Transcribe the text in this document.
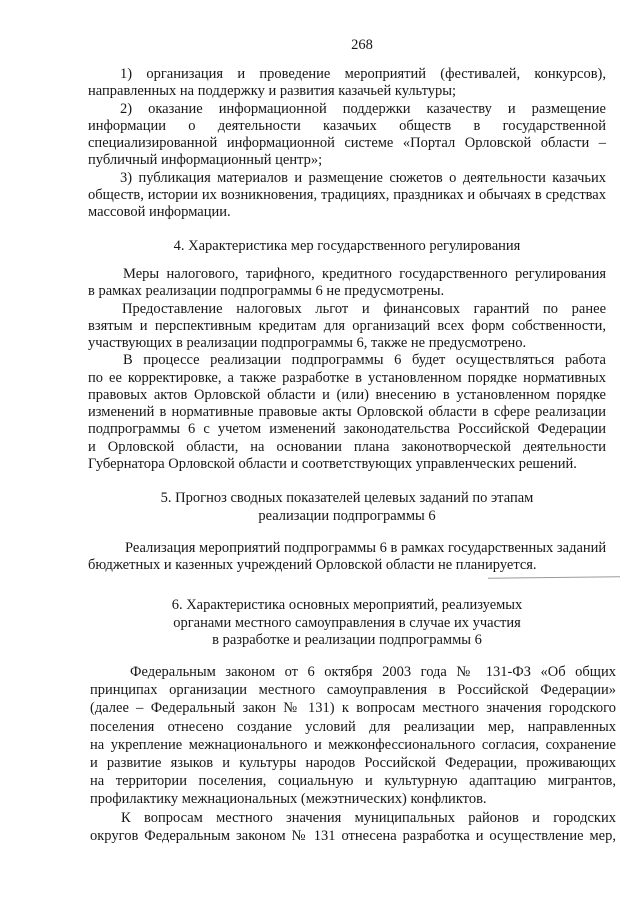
268
1) организация и проведение мероприятий (фестивалей, конкурсов),
направленных на поддержку и развития казачьей культуры;
2) оказание информационной поддержки казачеству и размещение
информации о деятельности казачьих обществ в государственной
специализированной информационной системе «Портал Орловской области –
публичный информационный центр»;
3) публикация материалов и размещение сюжетов о деятельности казачьих
обществ, истории их возникновения, традициях, праздниках и обычаях в средствах
массовой информации.
4. Характеристика мер государственного регулирования
Меры налогового, тарифного, кредитного государственного регулирования
в рамках реализации подпрограммы 6 не предусмотрены.
Предоставление налоговых льгот и финансовых гарантий по ранее
взятым и перспективным кредитам для организаций всех форм собственности,
участвующих в реализации подпрограммы 6, также не предусмотрено.
В процессе реализации подпрограммы 6 будет осуществляться работа
по ее корректировке, а также разработке в установленном порядке нормативных
правовых актов Орловской области и (или) внесению в установленном порядке
изменений в нормативные правовые акты Орловской области в сфере реализации
подпрограммы 6 с учетом изменений законодательства Российской Федерации
и Орловской области, на основании плана законотворческой деятельности
Губернатора Орловской области и соответствующих управленческих решений.
5. Прогноз сводных показателей целевых заданий по этапам
реализации подпрограммы 6
Реализация мероприятий подпрограммы 6 в рамках государственных заданий
бюджетных и казенных учреждений Орловской области не планируется.
6. Характеристика основных мероприятий, реализуемых
органами местного самоуправления в случае их участия
в разработке и реализации подпрограммы 6
Федеральным законом от 6 октября 2003 года № 131-ФЗ «Об общих
принципах организации местного самоуправления в Российской Федерации»
(далее – Федеральный закон № 131) к вопросам местного значения городского
поселения отнесено создание условий для реализации мер, направленных
на укрепление межнационального и межконфессионального согласия, сохранение
и развитие языков и культуры народов Российской Федерации, проживающих
на территории поселения, социальную и культурную адаптацию мигрантов,
профилактику межнациональных (межэтнических) конфликтов.
К вопросам местного значения муниципальных районов и городских
округов Федеральным законом № 131 отнесена разработка и осуществление мер,
